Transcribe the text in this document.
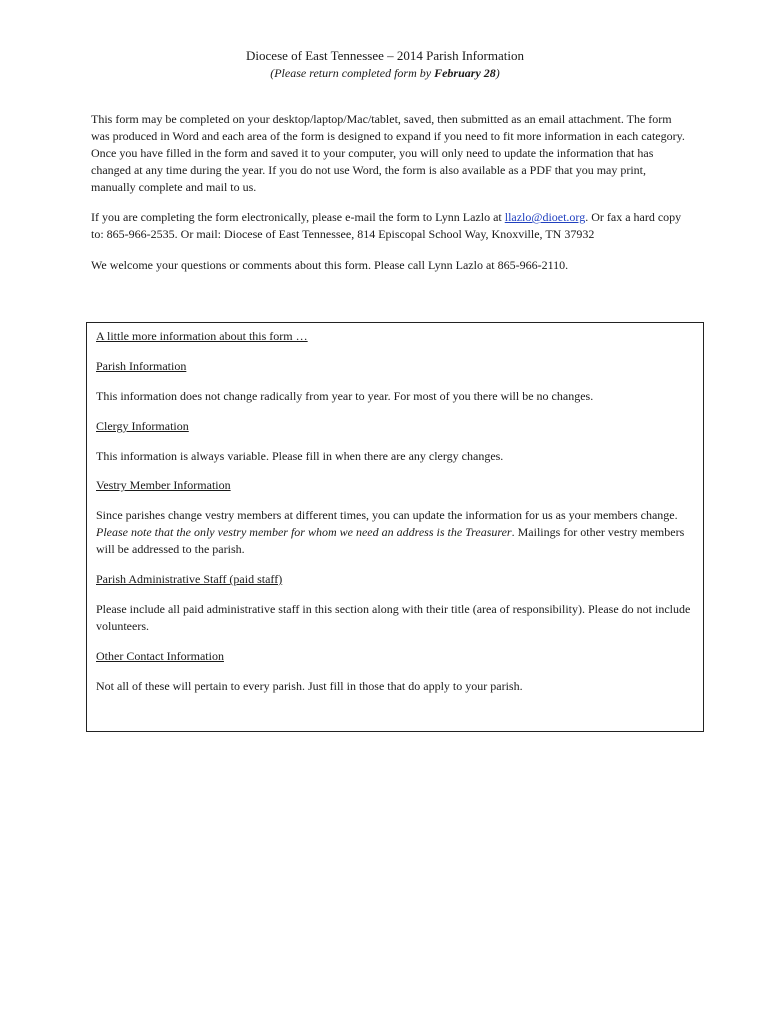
Diocese of East Tennessee – 2014 Parish Information
(Please return completed form by February 28)

This form may be completed on your desktop/laptop/Mac/tablet, saved, then submitted as an email attachment. The form was produced in Word and each area of the form is designed to expand if you need to fit more information in each category. Once you have filled in the form and saved it to your computer, you will only need to update the information that has changed at any time during the year. If you do not use Word, the form is also available as a PDF that you may print, manually complete and mail to us.

If you are completing the form electronically, please e-mail the form to Lynn Lazlo at llazlo@dioet.org. Or fax a hard copy to: 865-966-2535. Or mail: Diocese of East Tennessee, 814 Episcopal School Way, Knoxville, TN 37932

We welcome your questions or comments about this form. Please call Lynn Lazlo at 865-966-2110.

A little more information about this form …
Parish Information
This information does not change radically from year to year. For most of you there will be no changes.
Clergy Information
This information is always variable. Please fill in when there are any clergy changes.
Vestry Member Information

Since parishes change vestry members at different times, you can update the information for us as your members change. Please note that the only vestry member for whom we need an address is the Treasurer. Mailings for other vestry members will be addressed to the parish.

Parish Administrative Staff (paid staff)
Please include all paid administrative staff in this section along with their title (area of responsibility). Please do not include volunteers.
Other Contact Information
Not all of these will pertain to every parish. Just fill in those that do apply to your parish.
